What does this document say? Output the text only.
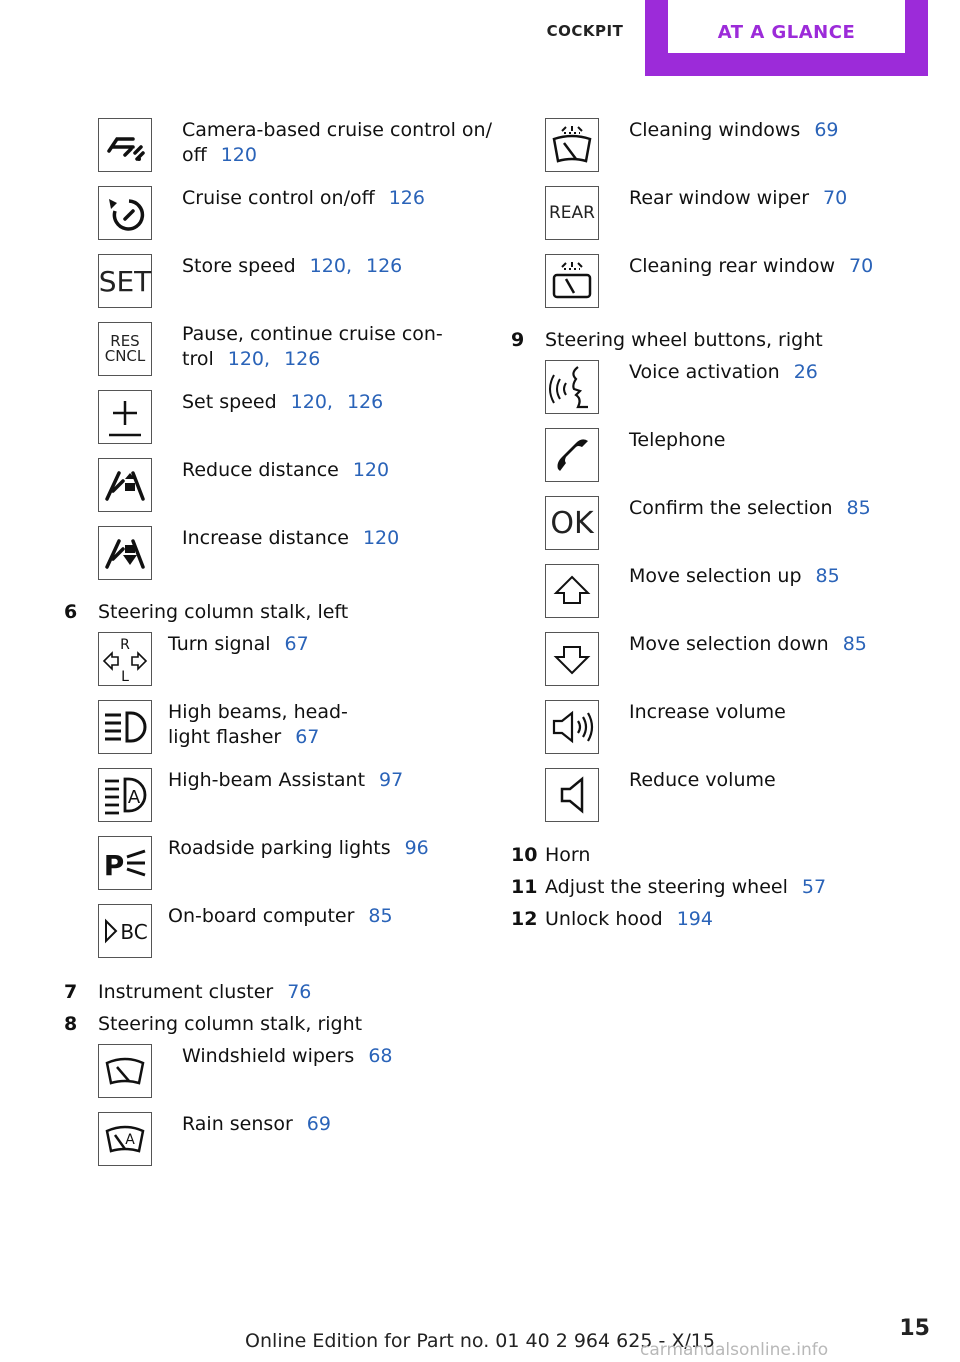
COCKPIT	AT A GLANCE
Camera-based cruise control on/
off 120
Cruise control on/off 126
SET Store speed 120, 126
RES
CNCL
Pause, continue cruise con-
trol 120, 126
Set speed 120, 126
Reduce distance 120
Increase distance 120
6 Steering column stalk, left
R
L
Turn signal 67
High beams, head-
light flasher 67
A
High-beam Assistant 97
P
Roadside parking lights 96
BC
On-board computer 85
7 Instrument cluster 76
8 Steering column stalk, right
Windshield wipers 68
A
Rain sensor 69
Cleaning windows 69
REAR
Rear window wiper 70
Cleaning rear window 70
9 Steering wheel buttons, right
Voice activation 26
Telephone
OK Confirm the selection 85
Move selection up 85
Move selection down 85
Increase volume
Reduce volume
10 Horn
11 Adjust the steering wheel 57
12 Unlock hood 194
15
Online Edition for Part no. 01 40 2 964 625 - X/15
carmanualsonline.info
